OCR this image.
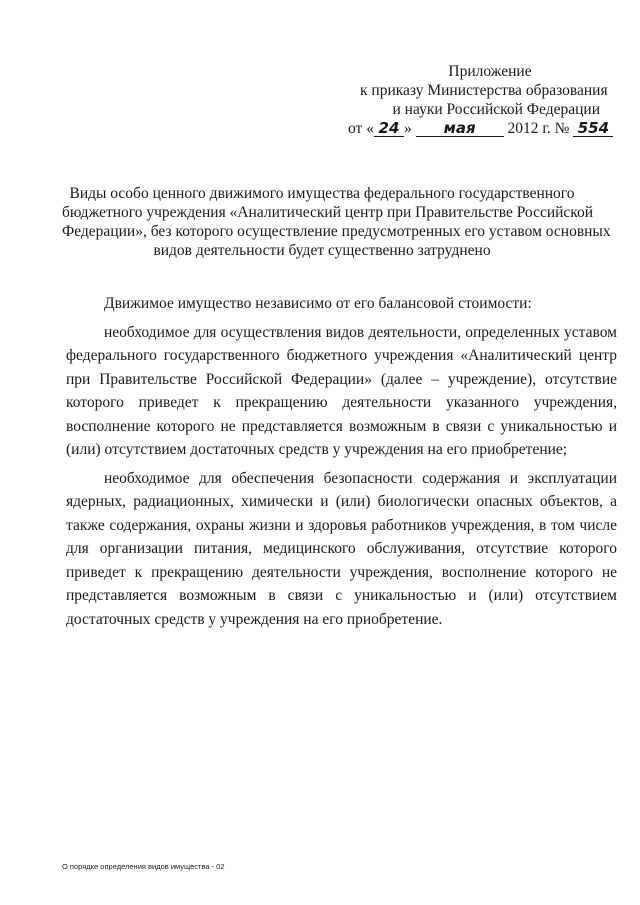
Приложение
к приказу Министерства образования
и науки Российской Федерации
от « 24 » мая 2012 г. № 554
Виды особо ценного движимого имущества федерального государственного
бюджетного учреждения «Аналитический центр при Правительстве Российской
Федерации», без которого осуществление предусмотренных его уставом основных
видов деятельности будет существенно затруднено
Движимое имущество независимо от его балансовой стоимости:
необходимое для осуществления видов деятельности, определенных уставом федерального государственного бюджетного учреждения «Аналитический центр при Правительстве Российской Федерации» (далее – учреждение), отсутствие которого приведет к прекращению деятельности указанного учреждения, восполнение которого не представляется возможным в связи с уникальностью и (или) отсутствием достаточных средств у учреждения на его приобретение;
необходимое для обеспечения безопасности содержания и эксплуатации ядерных, радиационных, химически и (или) биологически опасных объектов, а также содержания, охраны жизни и здоровья работников учреждения, в том числе для организации питания, медицинского обслуживания, отсутствие которого приведет к прекращению деятельности учреждения, восполнение которого не представляется возможным в связи с уникальностью и (или) отсутствием достаточных средств у учреждения на его приобретение.
О порядке определения видов имущества - 02
